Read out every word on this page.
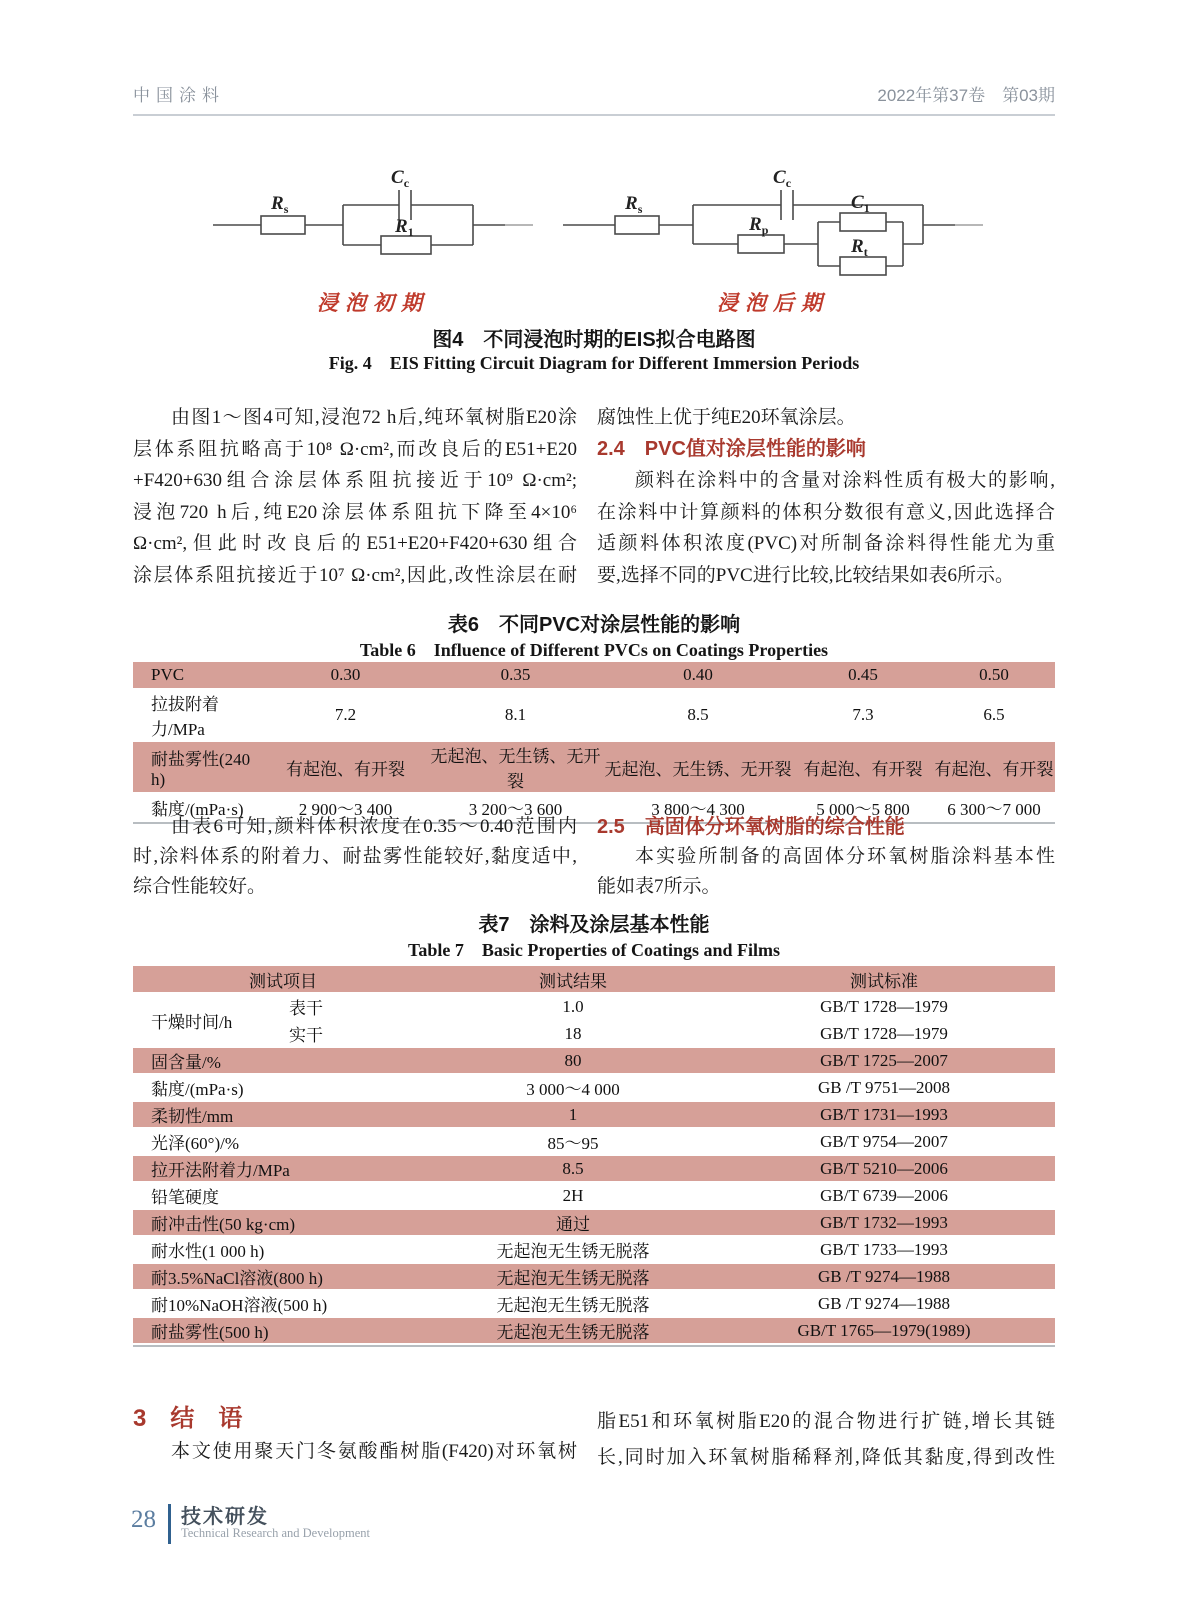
中国涂料	2022年第37卷　第03期
$R_s$
$C_c$
$R_1$
$R_s$
$C_c$
$R_p$
$C_1$
$R_t$
浸泡初期	浸泡后期
图4　不同浸泡时期的EIS拟合电路图
Fig. 4　EIS Fitting Circuit Diagram for Different Immersion Periods
由图1～图4可知,浸泡72 h后,纯环氧树脂E20涂
层体系阻抗略高于10⁸ Ω·cm²,而改良后的E51+E20
+F420+630组合涂层体系阻抗接近于10⁹ Ω·cm²;
浸泡720 h后,纯E20涂层体系阻抗下降至4×10⁶
Ω·cm²,但此时改良后的E51+E20+F420+630组合
涂层体系阻抗接近于10⁷ Ω·cm²,因此,改性涂层在耐
腐蚀性上优于纯E20环氧涂层。
2.4　PVC值对涂层性能的影响
颜料在涂料中的含量对涂料性质有极大的影响,
在涂料中计算颜料的体积分数很有意义,因此选择合
适颜料体积浓度(PVC)对所制备涂料得性能尤为重
要,选择不同的PVC进行比较,比较结果如表6所示。
表6　不同PVC对涂层性能的影响
Table 6　Influence of Different PVCs on Coatings Properties
PVC	0.30	0.35	0.40	0.45	0.50
拉拔附着力/MPa	7.2	8.1	8.5	7.3	6.5
耐盐雾性(240 h)	有起泡、有开裂	无起泡、无生锈、无开裂	无起泡、无生锈、无开裂	有起泡、有开裂	有起泡、有开裂
黏度/(mPa·s)	2 900～3 400	3 200～3 600	3 800～4 300	5 000～5 800	6 300～7 000
由表6可知,颜料体积浓度在0.35～0.40范围内
时,涂料体系的附着力、耐盐雾性能较好,黏度适中,
综合性能较好。
2.5　高固体分环氧树脂的综合性能
本实验所制备的高固体分环氧树脂涂料基本性
能如表7所示。
表7　涂料及涂层基本性能
Table 7　Basic Properties of Coatings and Films
测试项目		测试结果	测试标准
干燥时间/h	表干	1.0	GB/T 1728—1979
	实干	18	GB/T 1728—1979
固含量/%		80	GB/T 1725—2007
黏度/(mPa·s)		3 000～4 000	GB /T 9751—2008
柔韧性/mm		1	GB/T 1731—1993
光泽(60°)/%		85～95	GB/T 9754—2007
拉开法附着力/MPa		8.5	GB/T 5210—2006
铅笔硬度		2H	GB/T 6739—2006
耐冲击性(50 kg·cm)		通过	GB/T 1732—1993
耐水性(1 000 h)		无起泡无生锈无脱落	GB/T 1733—1993
耐3.5%NaCl溶液(800 h)		无起泡无生锈无脱落	GB /T 9274—1988
耐10%NaOH溶液(500 h)		无起泡无生锈无脱落	GB /T 9274—1988
耐盐雾性(500 h)		无起泡无生锈无脱落	GB/T 1765—1979(1989)
3　结　语
本文使用聚天门冬氨酸酯树脂(F420)对环氧树
脂E51和环氧树脂E20的混合物进行扩链,增长其链
长,同时加入环氧树脂稀释剂,降低其黏度,得到改性
28 技术研发
Technical Research and Development
